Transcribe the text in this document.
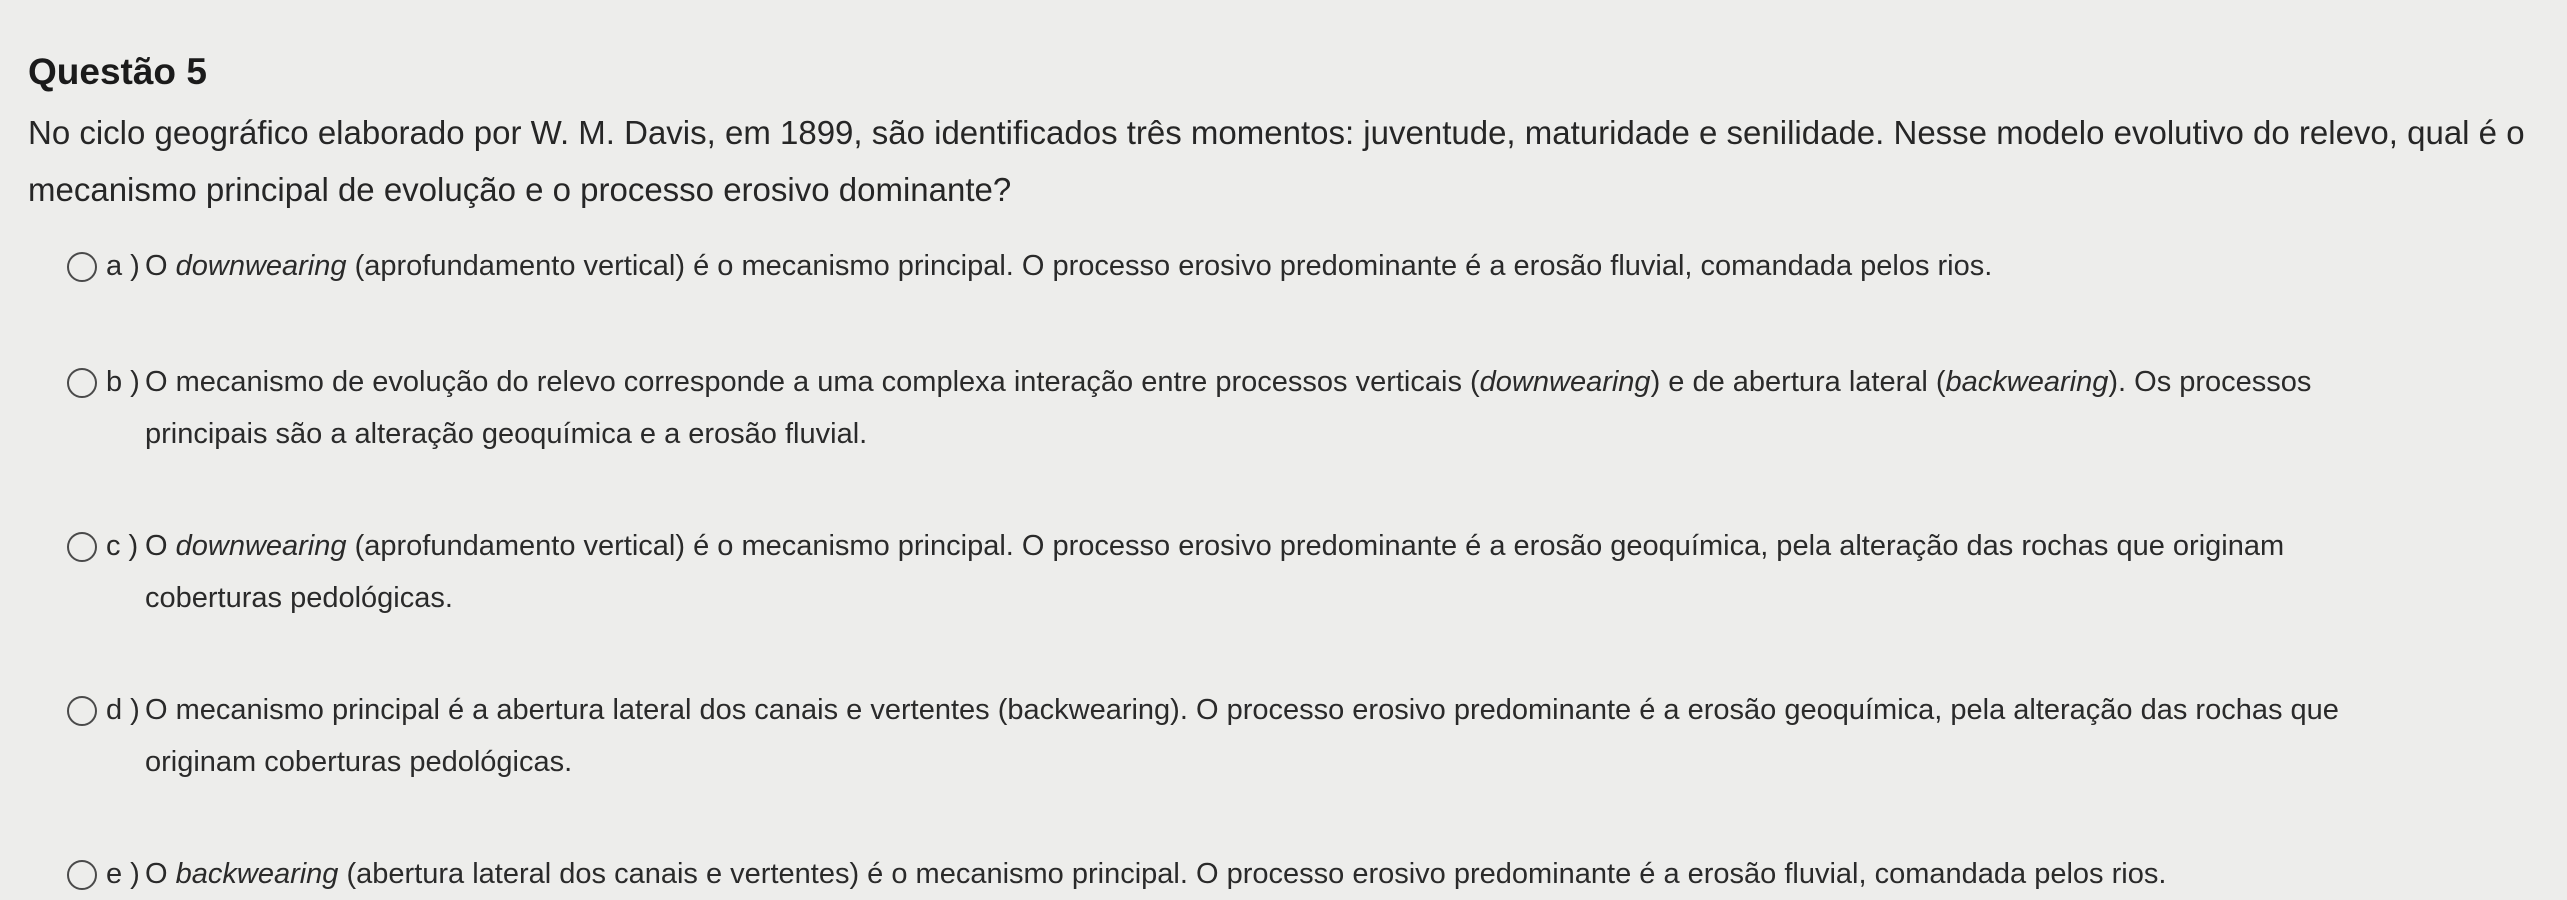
Questão 5
No ciclo geográfico elaborado por W. M. Davis, em 1899, são identificados três momentos: juventude, maturidade e senilidade. Nesse modelo evolutivo do relevo, qual é o mecanismo principal de evolução e o processo erosivo dominante?
a ) O downwearing (aprofundamento vertical) é o mecanismo principal. O processo erosivo predominante é a erosão fluvial, comandada pelos rios.
b ) O mecanismo de evolução do relevo corresponde a uma complexa interação entre processos verticais (downwearing) e de abertura lateral (backwearing). Os processos principais são a alteração geoquímica e a erosão fluvial.
c ) O downwearing (aprofundamento vertical) é o mecanismo principal. O processo erosivo predominante é a erosão geoquímica, pela alteração das rochas que originam coberturas pedológicas.
d ) O mecanismo principal é a abertura lateral dos canais e vertentes (backwearing). O processo erosivo predominante é a erosão geoquímica, pela alteração das rochas que originam coberturas pedológicas.
e ) O backwearing (abertura lateral dos canais e vertentes) é o mecanismo principal. O processo erosivo predominante é a erosão fluvial, comandada pelos rios.
